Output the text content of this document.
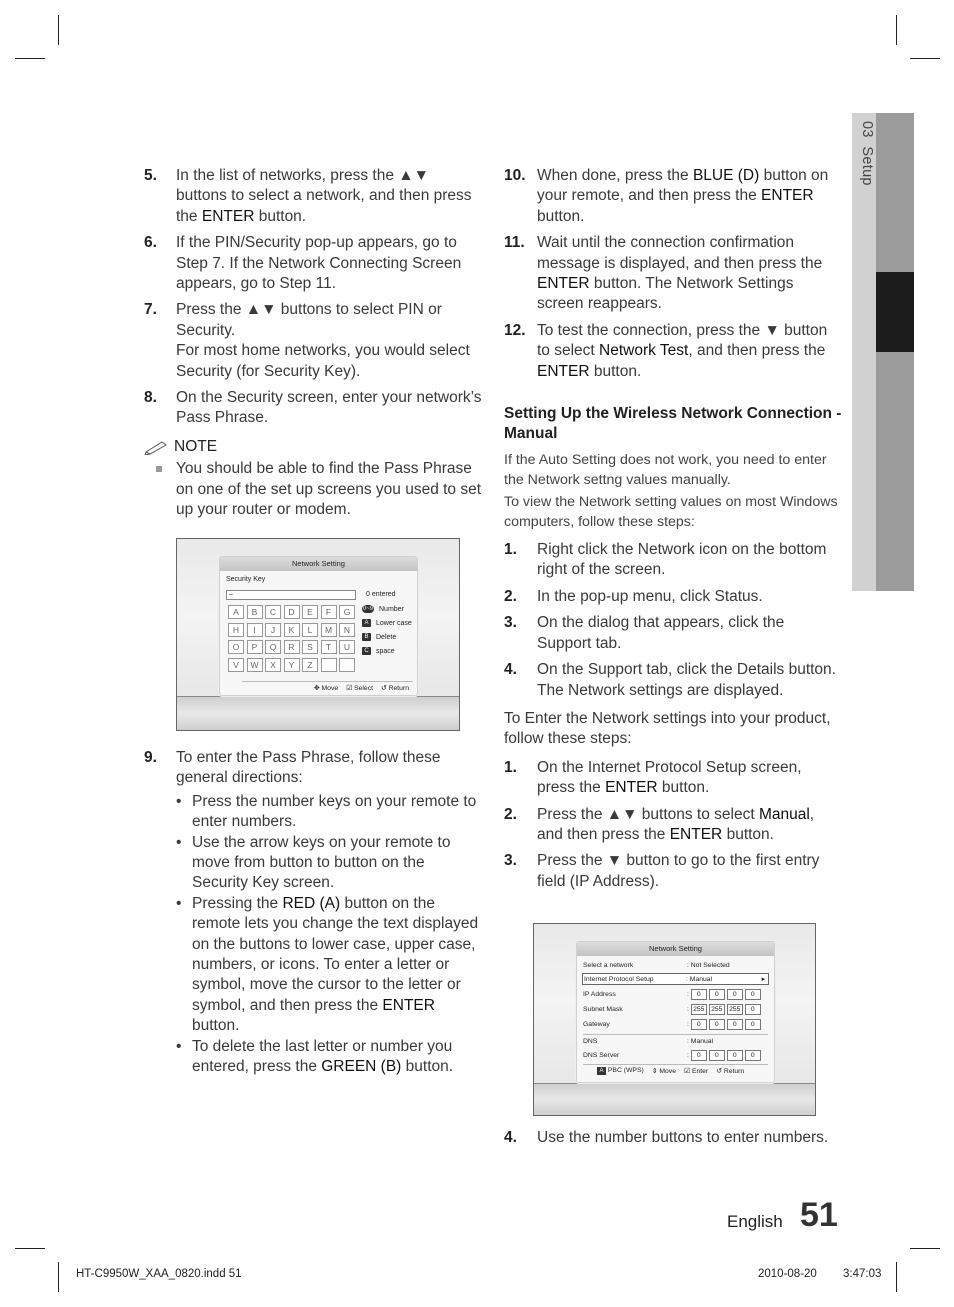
03  Setup
5. In the list of networks, press the ▲▼ buttons to select a network, and then press the ENTER button.
6. If the PIN/Security pop-up appears, go to Step 7. If the Network Connecting Screen appears, go to Step 11.
7. Press the ▲▼ buttons to select PIN or Security.
For most home networks, you would select Security (for Security Key).
8. On the Security screen, enter your network’s Pass Phrase.
NOTE
You should be able to find the Pass Phrase on one of the set up screens you used to set up your router or modem.
Network Setting
Security Key
–	0 entered
A	B	C	D	E	F	G
H	I	J	K	L	M	N
O	P	Q	R	S	T	U
V	W	X	Y	Z
0~9 Number
A	Lower case
B	Delete
C	space
✥ Move ☑ Select ↺ Return
9. To enter the Pass Phrase, follow these general directions:
• Press the number keys on your remote to enter numbers.
• Use the arrow keys on your remote to move from button to button on the Security Key screen.
• Pressing the RED (A) button on the remote lets you change the text displayed on the buttons to lower case, upper case, numbers, or icons. To enter a letter or symbol, move the cursor to the letter or symbol, and then press the ENTER button.
• To delete the last letter or number you entered, press the GREEN (B) button.
10. When done, press the BLUE (D) button on your remote, and then press the ENTER button.
11. Wait until the connection confirmation message is displayed, and then press the ENTER button. The Network Settings screen reappears.
12. To test the connection, press the ▼ button to select Network Test, and then press the ENTER button.
Setting Up the Wireless Network Connection - Manual
If the Auto Setting does not work, you need to enter the Network settng values manually.
To view the Network setting values on most Windows computers, follow these steps:
1. Right click the Network icon on the bottom right of the screen.
2. In the pop-up menu, click Status.
3. On the dialog that appears, click the Support tab.
4. On the Support tab, click the Details button. The Network settings are displayed.
To Enter the Network settings into your product, follow these steps:
1. On the Internet Protocol Setup screen, press the ENTER button.
2. Press the ▲▼ buttons to select Manual, and then press the ENTER button.
3. Press the ▼ button to go to the first entry field (IP Address).
Network Setting
Select a network	: Not Selected
Internet Protocol Setup	: Manual	▸
IP Address	: 0 0 0 0
Subnet Mask	: 255 255 255 0
Gateway	: 0 0 0 0
DNS	: Manual
DNS Server	: 0 0 0 0
A PBC (WPS) ⇕ Move ☑ Enter ↺ Return
4. Use the number buttons to enter numbers.
English 51
HT-C9950W_XAA_0820.indd 51	2010-08-20 3:47:03
